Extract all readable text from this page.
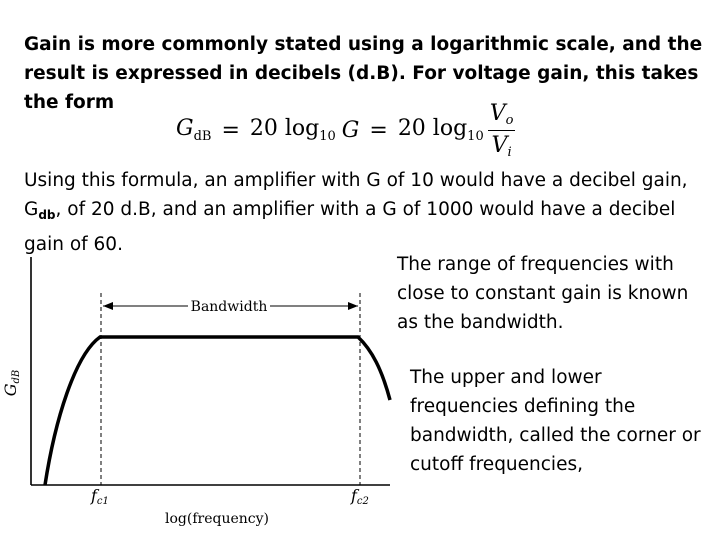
Gain is more commonly stated using a logarithmic scale, and the result is expressed in decibels (d.B). For voltage gain, this takes the form
$G_{dB} = 20$ $\log_{10} G = 20$ $\log_{10} \frac{V_o}{V_i}$
Using this formula, an amplifier with G of 10 would have a decibel gain, $G_{db}$, of 20 d.B, and an amplifier with a G of 1000 would have a decibel gain of 60.
Bandwidth
GdB
fc1	fc2
log(frequency)
The range of frequencies with close to constant gain is known as the bandwidth.
The upper and lower frequencies defining the bandwidth, called the corner or cutoff frequencies,
